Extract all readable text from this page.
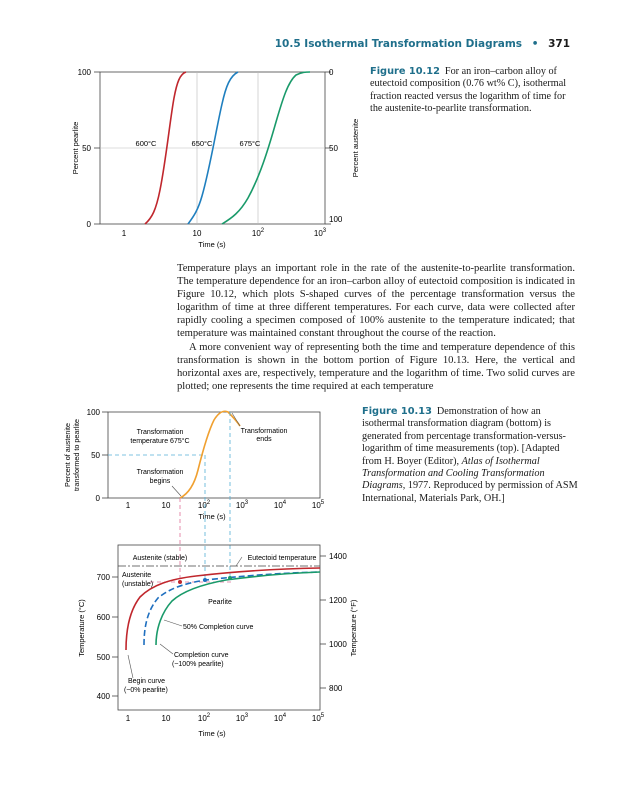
10.5 Isothermal Transformation Diagrams • 371
100
50
0
0
50
100
1	10	$10^2$	$10^3$
Time (s)
Percent pearlite	Percent austenite
600°C	650°C	675°C
Figure 10.12 For an iron–carbon alloy of eutectoid composition (0.76 wt% C), isothermal fraction reacted versus the logarithm of time for the austenite-to-pearlite transformation.

Temperature plays an important role in the rate of the austenite-to-pearlite transformation. The temperature dependence for an iron–carbon alloy of eutectoid composition is indicated in Figure 10.12, which plots S-shaped curves of the percentage transformation versus the logarithm of time at three different temperatures. For each curve, data were collected after rapidly cooling a specimen composed of 100% austenite to the temperature indicated; that temperature was maintained constant throughout the course of the reaction.

A more convenient way of representing both the time and temperature dependence of this transformation is shown in the bottom portion of Figure 10.13. Here, the vertical and horizontal axes are, respectively, temperature and the logarithm of time. Two solid curves are plotted; one represents the time required at each temperature

100
50
0
Percent of austenitetransformed to pearlite
1	10	$10^2$	$10^3$	$10^4$	$10^5$
Time (s)
Transformation temperature 675°C
Transformation ends
Transformation begins
700
600
500
400
1400
1200
1000
800
Temperature (°C)	Temperature (°F)
1	10	$10^2$	$10^3$	$10^4$	$10^5$
Time (s)
Austenite (stable)	Eutectoid temperature
Austenite (unstable)
Pearlite
50% Completion curve
Completion curve (~100% pearlite)
Begin curve (~0% pearlite)
Figure 10.13 Demonstration of how an isothermal transformation diagram (bottom) is generated from percentage transformation-versus-logarithm of time measurements (top). [Adapted from H. Boyer (Editor), Atlas of Isothermal Transformation and Cooling Transformation Diagrams, 1977. Reproduced by permission of ASM International, Materials Park, OH.]
